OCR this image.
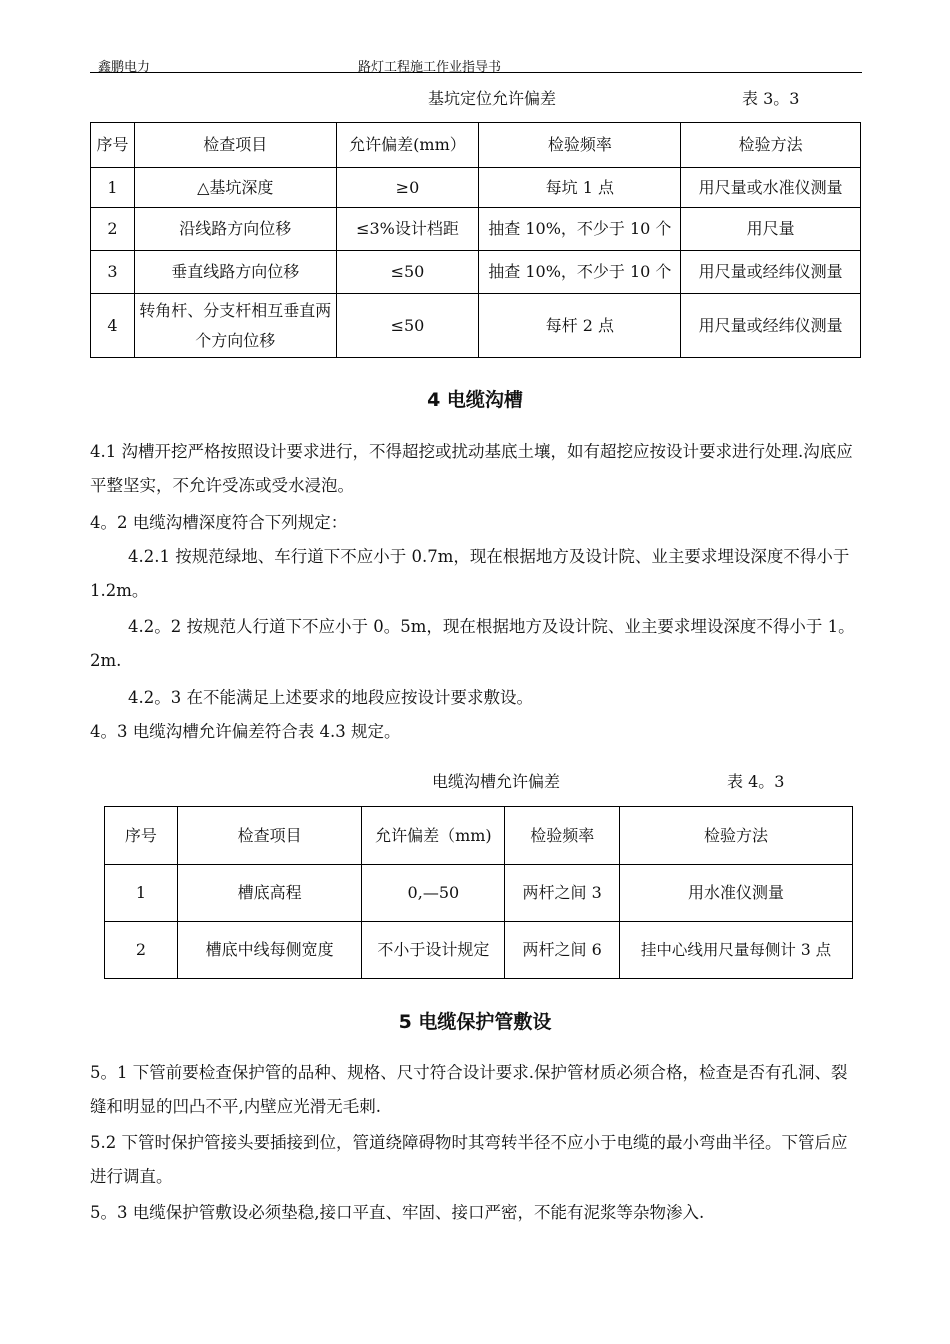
鑫鹏电力	路灯工程施工作业指导书
基坑定位允许偏差	表 3。3
序号	检查项目	允许偏差(mm）	检验频率	检验方法
1	△基坑深度	≥0	每坑 1 点	用尺量或水准仪测量
2	沿线路方向位移	≤3%设计档距	抽查 10%，不少于 10 个	用尺量
3	垂直线路方向位移	≤50	抽查 10%，不少于 10 个	用尺量或经纬仪测量
4	转角杆、分支杆相互垂直两个方向位移	≤50	每杆 2 点	用尺量或经纬仪测量
4 电缆沟槽
4.1 沟槽开挖严格按照设计要求进行，不得超挖或扰动基底土壤，如有超挖应按设计要求进行处理.沟底应平整坚实，不允许受冻或受水浸泡。
4。2 电缆沟槽深度符合下列规定：
4.2.1 按规范绿地、车行道下不应小于 0.7m，现在根据地方及设计院、业主要求埋设深度不得小于 1.2m。
4.2。2 按规范人行道下不应小于 0。5m，现在根据地方及设计院、业主要求埋设深度不得小于 1。2m.
4.2。3 在不能满足上述要求的地段应按设计要求敷设。
4。3 电缆沟槽允许偏差符合表 4.3 规定。
电缆沟槽允许偏差	表 4。3
序号	检查项目	允许偏差（mm)	检验频率	检验方法
1	槽底高程	0,—50	两杆之间 3	用水准仪测量
2	槽底中线每侧宽度	不小于设计规定	两杆之间 6	挂中心线用尺量每侧计 3 点
5 电缆保护管敷设
5。1 下管前要检查保护管的品种、规格、尺寸符合设计要求.保护管材质必须合格，检查是否有孔洞、裂缝和明显的凹凸不平,内壁应光滑无毛刺.
5.2 下管时保护管接头要插接到位，管道绕障碍物时其弯转半径不应小于电缆的最小弯曲半径。下管后应进行调直。
5。3 电缆保护管敷设必须垫稳,接口平直、牢固、接口严密，不能有泥浆等杂物渗入.
